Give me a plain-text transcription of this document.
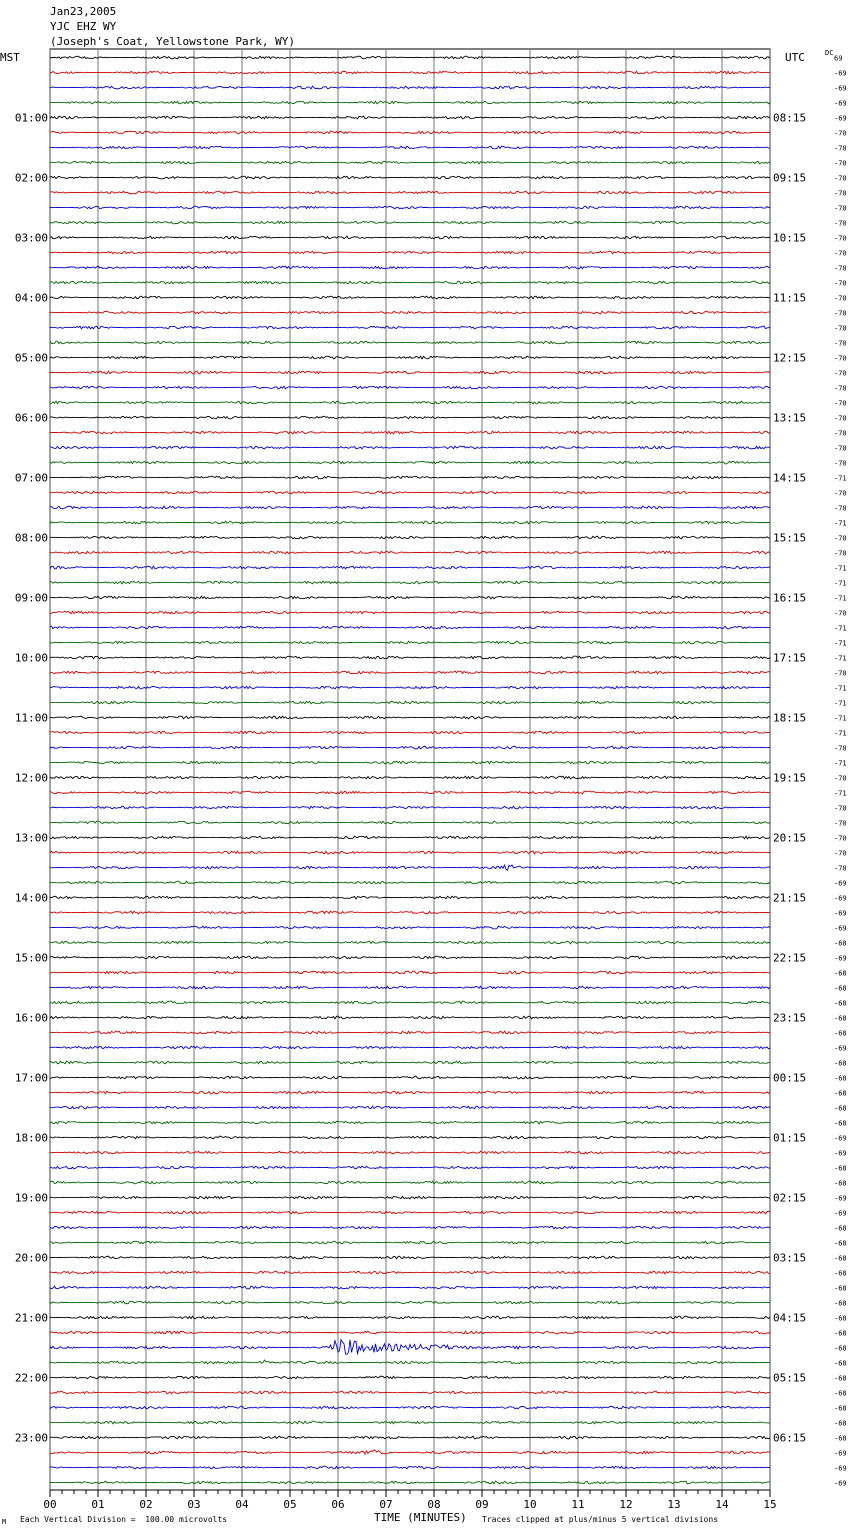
Jan23,2005
YJC EHZ WY
(Joseph's Coat, Yellowstone Park, WY)
69
-69
-69
-69
-69
-70
-70
-70
-70
-70
-70
-70
-70
-70
-70
-70
-70
-70
-70
-70
-70
-70
-70
-70
-70
-70
-70
-70
-71
-70
-70
-71
-70
-70
-71
-71
-71
-70
-71
-71
-71
-70
-71
-71
-71
-71
-70
-71
-70
-71
-70
-70
-70
-70
-70
-69
-69
-69
-69
-68
-69
-68
-68
-68
-68
-68
-69
-68
-68
-68
-68
-68
-69
-69
-68
-68
-69
-69
-68
-68
-68
-68
-68
-68
-68
-68
-68
-68
-68
-68
-68
-68
-68
-69
-69
-69
01:00
02:00
03:00
04:00
05:00
06:00
07:00
08:00
09:00
10:00
11:00
12:00
13:00
14:00
15:00
16:00
17:00
18:00
19:00
20:00
21:00
22:00
23:00
08:15
09:15
10:15
11:15
12:15
13:15
14:15
15:15
16:15
17:15
18:15
19:15
20:15
21:15
22:15
23:15
00:15
01:15
02:15
03:15
04:15
05:15
06:15
MST	UTC	DC
00	01	02	03	04	05	06	07	08	09	10	11	12	13	14	15
M Each Vertical Division =  100.00 microvolts	TIME (MINUTES) Traces clipped at plus/minus 5 vertical divisions
